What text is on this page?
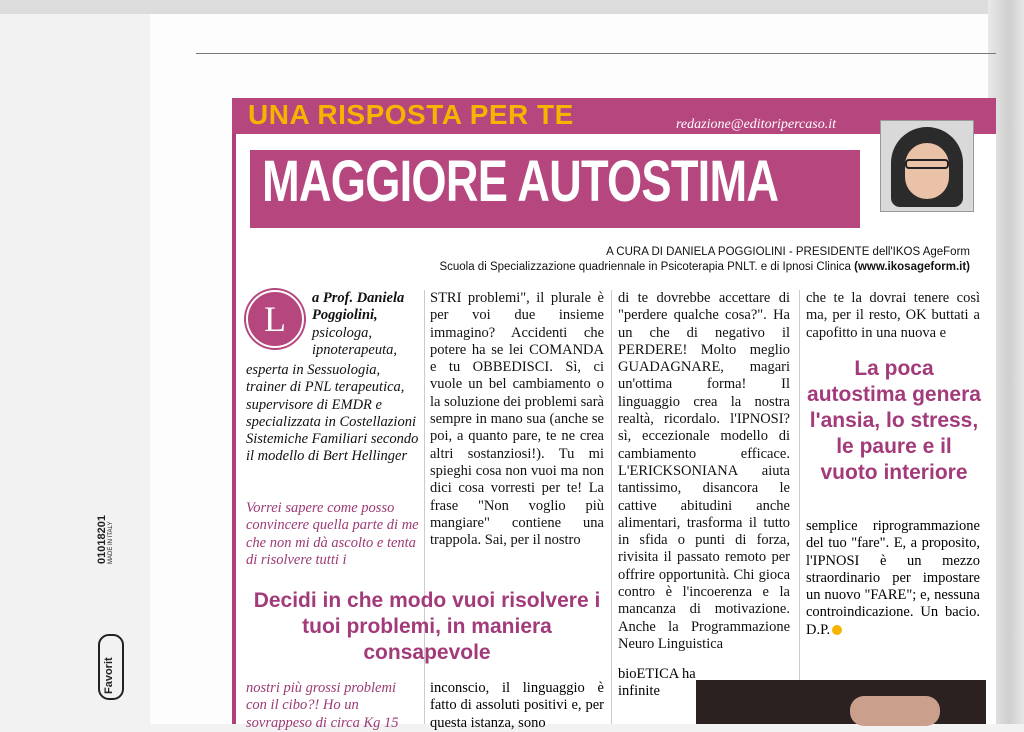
UNA RISPOSTA PER TE	redazione@editoripercaso.it
MAGGIORE AUTOSTIMA
A CURA DI DANIELA POGGIOLINI - PRESIDENTE dell'IKOS AgeForm
Scuola di Specializzazione quadriennale in Psicoterapia PNLT. e di Ipnosi Clinica (www.ikosageform.it)
L
a Prof. Daniela Poggiolini, psicologa, ipnoterapeuta,
esperta in Sessuologia, trainer di PNL terapeutica, supervisore di EMDR e specializzata in Costellazioni Sistemiche Familiari secondo il modello di Bert Hellinger
Vorrei sapere come posso convincere quella parte di me che non mi dà ascolto e tenta di risolvere tutti i
Decidi in che modo vuoi risolvere i tuoi problemi, in maniera consapevole
nostri più grossi problemi con il cibo?! Ho un sovrappeso di circa Kg 15
STRI problemi", il plurale è per voi due insieme immagino? Accidenti che potere ha se lei COMANDA e tu OBBEDISCI. Sì, ci vuole un bel cambiamento o la soluzione dei problemi sarà sempre in mano sua (anche se poi, a quanto pare, te ne crea altri sostanziosi!). Tu mi spieghi cosa non vuoi ma non dici cosa vorresti per te! La frase "Non voglio più mangiare" contiene una trappola. Sai, per il nostro
inconscio, il linguaggio è fatto di assoluti positivi e, per questa istanza, sono
di te dovrebbe accettare di "perdere qualche cosa?". Ha un che di negativo il PERDERE! Molto meglio GUADAGNARE, magari un'ottima forma! Il linguaggio crea la nostra realtà, ricordalo. l'IPNOSI? sì, eccezionale modello di cambiamento efficace. L'ERICKSONIANA aiuta tantissimo, disancora le cattive abitudini anche alimentari, trasforma il tutto in sfida o punti di forza, rivisita il passato remoto per offrire opportunità. Chi gioca contro è l'incoerenza e la mancanza di motivazione. Anche la Programmazione Neuro Linguistica
bioETICA ha infinite
che te la dovrai tenere così ma, per il resto, OK buttati a capofitto in una nuova e
La poca autostima genera l'ansia, lo stress, le paure e il vuoto interiore
semplice riprogrammazione del tuo "fare". E, a proposito, l'IPNOSI è un mezzo straordinario per impostare un nuovo "FARE"; e, nessuna controindicazione. Un bacio. D.P.
01018201 MADE IN ITALY
Favorit
